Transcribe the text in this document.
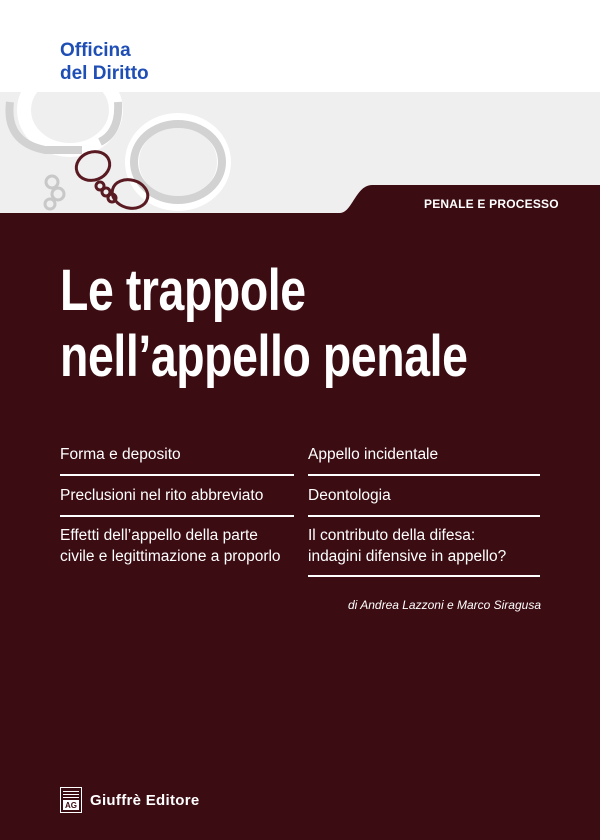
Officina
del Diritto
PENALE E PROCESSO
Le trappole
nell’appello penale
Forma e deposito
Preclusioni nel rito abbreviato
Effetti dell’appello della parte
civile e legittimazione a proporlo
Appello incidentale
Deontologia
Il contributo della difesa:
indagini difensive in appello?
di Andrea Lazzoni e Marco Siragusa
AG Giuffrè Editore
